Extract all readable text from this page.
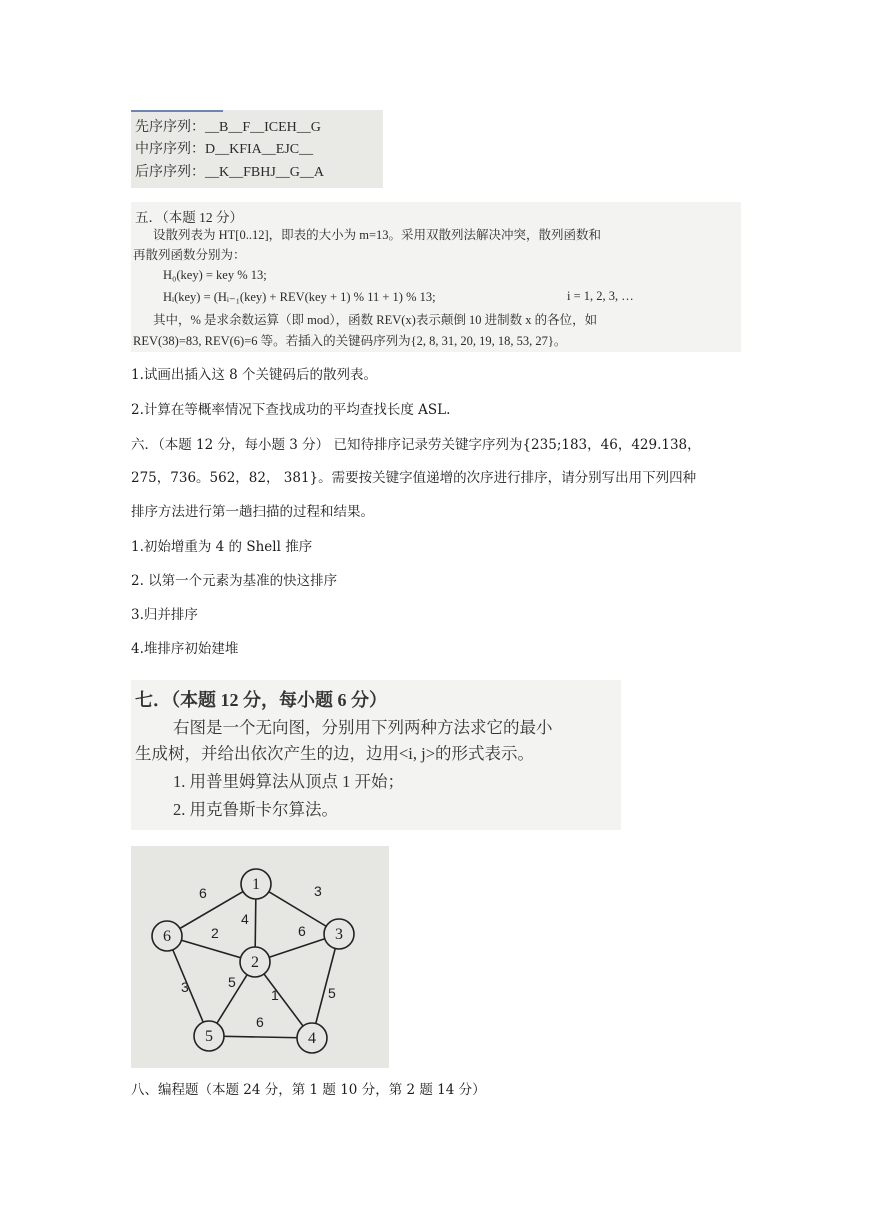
先序序列：__B__F__ICEH__G
中序序列：D__KFIA__EJC__
后序序列：__K__FBHJ__G__A
五．（本题 12 分）
设散列表为 HT[0..12]，即表的大小为 m=13。采用双散列法解决冲突，散列函数和
再散列函数分别为：
H₀(key) = key % 13;
Hᵢ(key) = (Hᵢ₋₁(key) + REV(key + 1) % 11 + 1) % 13;	i = 1, 2, 3, …
其中，% 是求余数运算（即 mod），函数 REV(x)表示颠倒 10 进制数 x 的各位，如
REV(38)=83, REV(6)=6 等。若插入的关键码序列为{2, 8, 31, 20, 19, 18, 53, 27}。
1.试画出插入这 8 个关键码后的散列表。
2.计算在等概率情况下查找成功的平均查找长度 ASL.
六．（本题 12 分，每小题 3 分） 已知待排序记录劳关键字序列为{235;183，46，429.138，
275，736。562，82， 381}。需要按关键字值递增的次序进行排序，请分别写出用下列四种
排序方法进行第一趟扫描的过程和结果。
1.初始增重为 4 的 Shell 推序
2. 以第一个元素为基准的快这排序
3.归并排序
4.堆排序初始建堆
七．（本题 12 分，每小题 6 分）
右图是一个无向图，分别用下列两种方法求它的最小
生成树，并给出依次产生的边，边用<i, j>的形式表示。
1. 用普里姆算法从顶点 1 开始；
2. 用克鲁斯卡尔算法。
6	3
4
2	6
3	5
1	5
6
1
2
3
4
5
6
八、编程题（本题 24 分，第 1 题 10 分，第 2 题 14 分）
